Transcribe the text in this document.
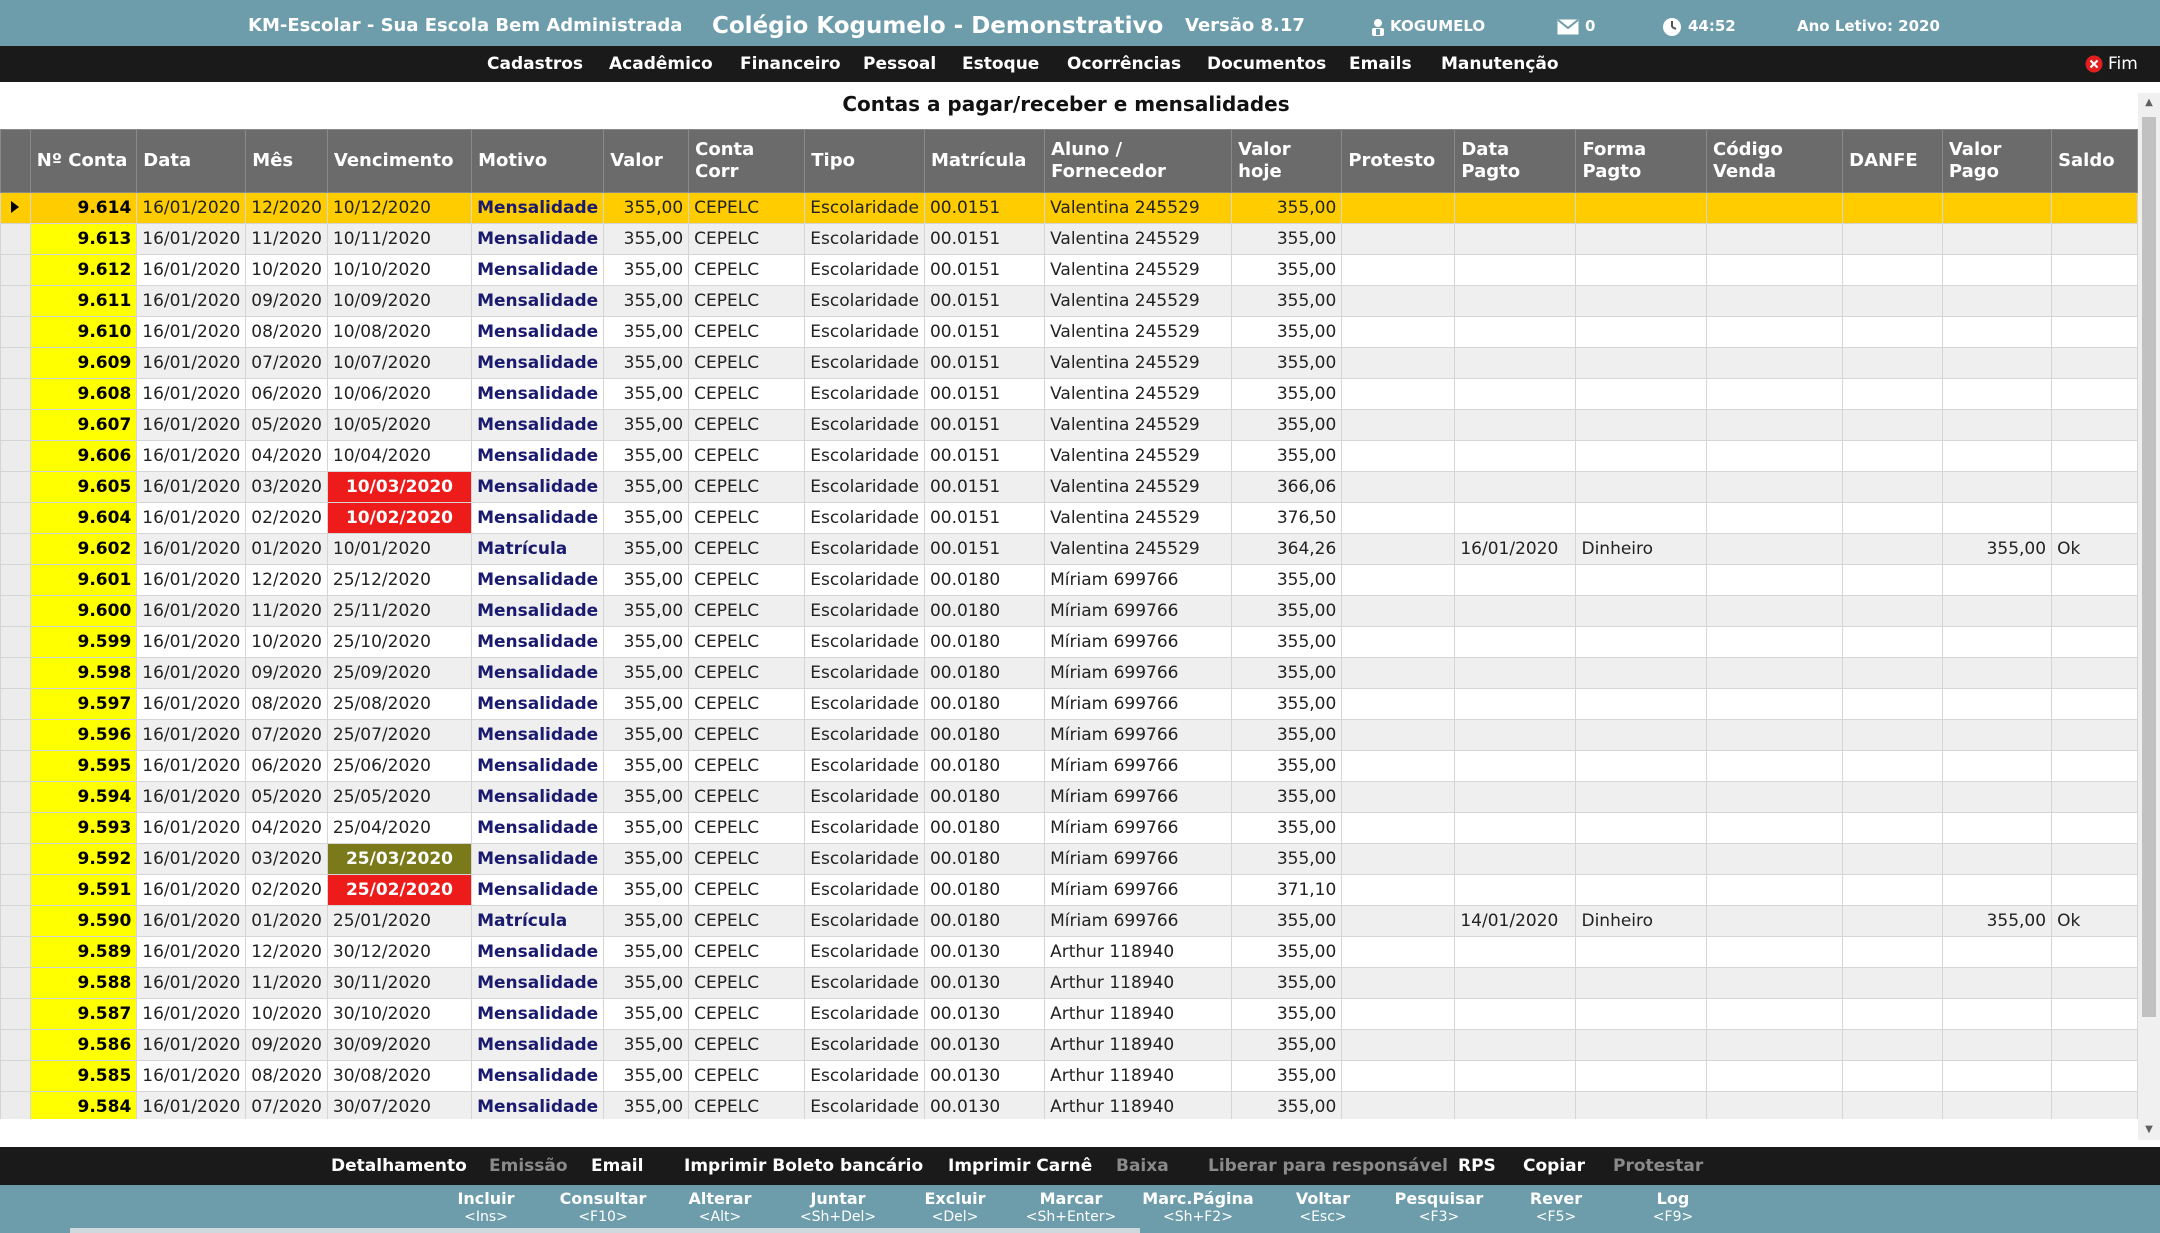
KM-Escolar - Sua Escola Bem Administrada Colégio Kogumelo - Demonstrativo Versão 8.17	KOGUMELO	0	44:52	Ano Letivo: 2020
Cadastros Acadêmico Financeiro Pessoal Estoque Ocorrências Documentos Emails Manutenção	Fim
Contas a pagar/receber e mensalidades
	Nº Conta	Data	Mês	Vencimento	Motivo	Valor	Conta Corr	Tipo	Matrícula	Aluno / Fornecedor	Valor hoje	Protesto	Data Pagto	Forma Pagto	Código Venda	DANFE	Valor Pago	Saldo
	9.614	16/01/2020	12/2020	10/12/2020	Mensalidade	355,00	CEPELC	Escolaridade	00.0151	Valentina 245529	355,00							
	9.613	16/01/2020	11/2020	10/11/2020	Mensalidade	355,00	CEPELC	Escolaridade	00.0151	Valentina 245529	355,00							
	9.612	16/01/2020	10/2020	10/10/2020	Mensalidade	355,00	CEPELC	Escolaridade	00.0151	Valentina 245529	355,00							
	9.611	16/01/2020	09/2020	10/09/2020	Mensalidade	355,00	CEPELC	Escolaridade	00.0151	Valentina 245529	355,00							
	9.610	16/01/2020	08/2020	10/08/2020	Mensalidade	355,00	CEPELC	Escolaridade	00.0151	Valentina 245529	355,00							
	9.609	16/01/2020	07/2020	10/07/2020	Mensalidade	355,00	CEPELC	Escolaridade	00.0151	Valentina 245529	355,00							
	9.608	16/01/2020	06/2020	10/06/2020	Mensalidade	355,00	CEPELC	Escolaridade	00.0151	Valentina 245529	355,00							
	9.607	16/01/2020	05/2020	10/05/2020	Mensalidade	355,00	CEPELC	Escolaridade	00.0151	Valentina 245529	355,00							
	9.606	16/01/2020	04/2020	10/04/2020	Mensalidade	355,00	CEPELC	Escolaridade	00.0151	Valentina 245529	355,00							
	9.605	16/01/2020	03/2020	10/03/2020	Mensalidade	355,00	CEPELC	Escolaridade	00.0151	Valentina 245529	366,06							
	9.604	16/01/2020	02/2020	10/02/2020	Mensalidade	355,00	CEPELC	Escolaridade	00.0151	Valentina 245529	376,50							
	9.602	16/01/2020	01/2020	10/01/2020	Matrícula	355,00	CEPELC	Escolaridade	00.0151	Valentina 245529	364,26		16/01/2020	Dinheiro			355,00	Ok
	9.601	16/01/2020	12/2020	25/12/2020	Mensalidade	355,00	CEPELC	Escolaridade	00.0180	Míriam 699766	355,00							
	9.600	16/01/2020	11/2020	25/11/2020	Mensalidade	355,00	CEPELC	Escolaridade	00.0180	Míriam 699766	355,00							
	9.599	16/01/2020	10/2020	25/10/2020	Mensalidade	355,00	CEPELC	Escolaridade	00.0180	Míriam 699766	355,00							
	9.598	16/01/2020	09/2020	25/09/2020	Mensalidade	355,00	CEPELC	Escolaridade	00.0180	Míriam 699766	355,00							
	9.597	16/01/2020	08/2020	25/08/2020	Mensalidade	355,00	CEPELC	Escolaridade	00.0180	Míriam 699766	355,00							
	9.596	16/01/2020	07/2020	25/07/2020	Mensalidade	355,00	CEPELC	Escolaridade	00.0180	Míriam 699766	355,00							
	9.595	16/01/2020	06/2020	25/06/2020	Mensalidade	355,00	CEPELC	Escolaridade	00.0180	Míriam 699766	355,00							
	9.594	16/01/2020	05/2020	25/05/2020	Mensalidade	355,00	CEPELC	Escolaridade	00.0180	Míriam 699766	355,00							
	9.593	16/01/2020	04/2020	25/04/2020	Mensalidade	355,00	CEPELC	Escolaridade	00.0180	Míriam 699766	355,00							
	9.592	16/01/2020	03/2020	25/03/2020	Mensalidade	355,00	CEPELC	Escolaridade	00.0180	Míriam 699766	355,00							
	9.591	16/01/2020	02/2020	25/02/2020	Mensalidade	355,00	CEPELC	Escolaridade	00.0180	Míriam 699766	371,10							
	9.590	16/01/2020	01/2020	25/01/2020	Matrícula	355,00	CEPELC	Escolaridade	00.0180	Míriam 699766	355,00		14/01/2020	Dinheiro			355,00	Ok
	9.589	16/01/2020	12/2020	30/12/2020	Mensalidade	355,00	CEPELC	Escolaridade	00.0130	Arthur 118940	355,00							
	9.588	16/01/2020	11/2020	30/11/2020	Mensalidade	355,00	CEPELC	Escolaridade	00.0130	Arthur 118940	355,00							
	9.587	16/01/2020	10/2020	30/10/2020	Mensalidade	355,00	CEPELC	Escolaridade	00.0130	Arthur 118940	355,00							
	9.586	16/01/2020	09/2020	30/09/2020	Mensalidade	355,00	CEPELC	Escolaridade	00.0130	Arthur 118940	355,00							
	9.585	16/01/2020	08/2020	30/08/2020	Mensalidade	355,00	CEPELC	Escolaridade	00.0130	Arthur 118940	355,00							
	9.584	16/01/2020	07/2020	30/07/2020	Mensalidade	355,00	CEPELC	Escolaridade	00.0130	Arthur 118940	355,00							
▲
▼
Detalhamento Emissão Email Imprimir Boleto bancário Imprimir Carnê Baixa Liberar para responsável RPS Copiar Protestar
Incluir
<Ins>
Consultar
<F10>
Alterar
<Alt>
Juntar
<Sh+Del>
Excluir
<Del>
Marcar
<Sh+Enter>
Marc.Página
<Sh+F2>
Voltar
<Esc>
Pesquisar
<F3>
Rever
<F5>
Log
<F9>
